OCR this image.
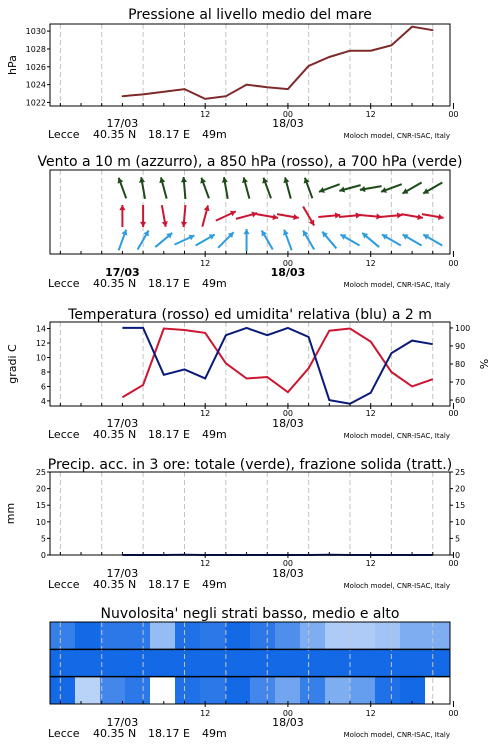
Pressione al livello medio del mare
1022
1024
1026
1028
1030
hPa
12	00	12	00
17/03	18/03
Lecce 40.35 N 18.17 E 49m	Moloch model, CNR-ISAC, Italy
Vento a 10 m (azzurro), a 850 hPa (rosso), a 700 hPa (verde)
12	00	12	00
17/03	18/03
Lecce 40.35 N 18.17 E 49m	Moloch model, CNR-ISAC, Italy
Temperatura (rosso) ed umidita' relativa (blu) a 2 m
4
6
8
10
12
14
60
70
80
90
100
gradi C	%
12	00	12	00
17/03	18/03
Lecce 40.35 N 18.17 E 49m	Moloch model, CNR-ISAC, Italy
Precip. acc. in 3 ore: totale (verde), frazione solida (tratt.)
0
5
10
15
20
25
0
5
10
15
20
25
mm
12	00	12	00
17/03	18/03
Lecce 40.35 N 18.17 E 49m	Moloch model, CNR-ISAC, Italy
Nuvolosita' negli strati basso, medio e alto
12	00	12	00
17/03	18/03
Lecce 40.35 N 18.17 E 49m	Moloch model, CNR-ISAC, Italy
